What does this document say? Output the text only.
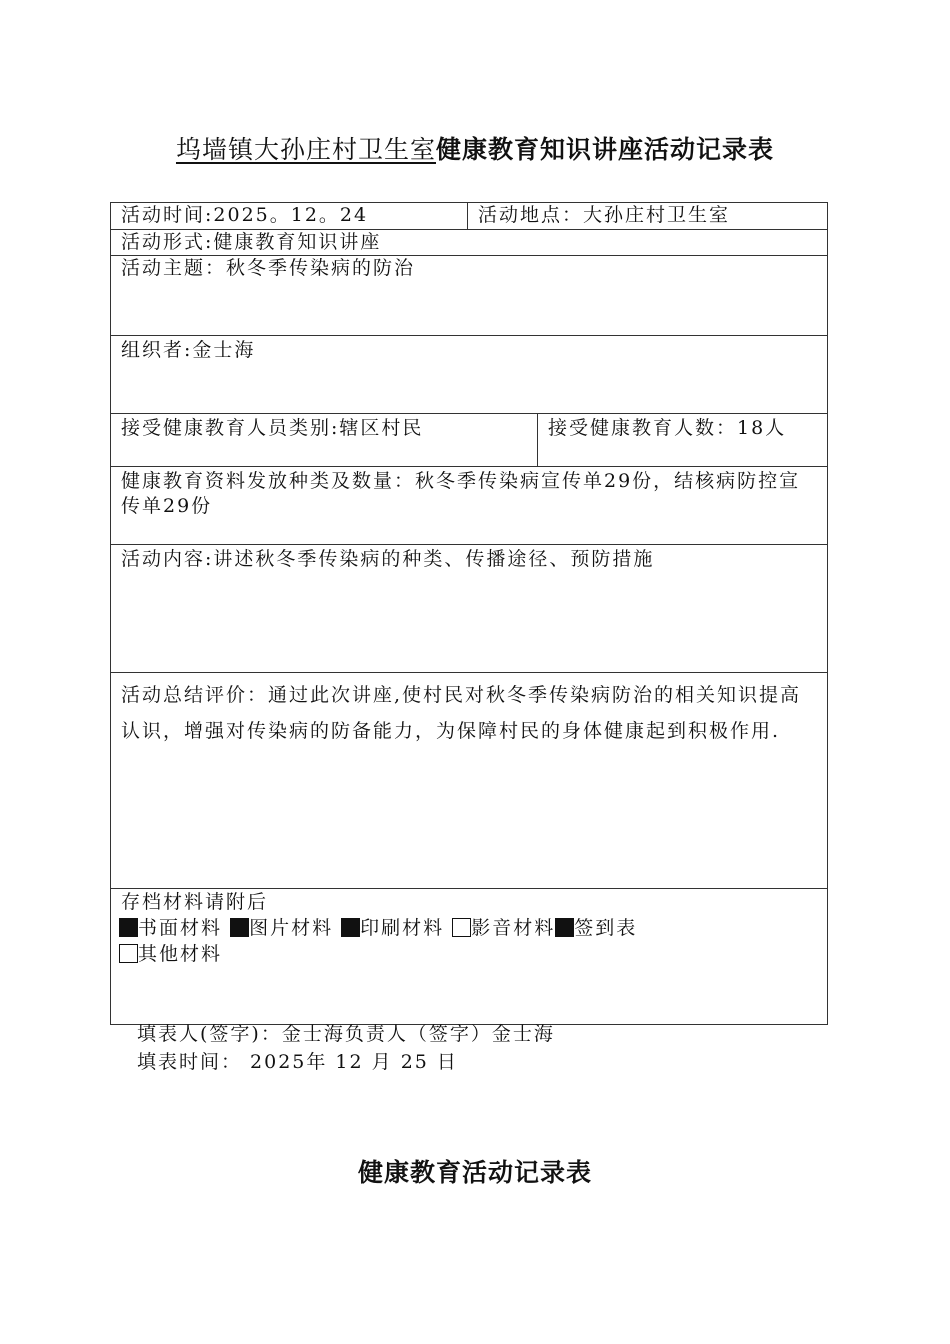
坞墙镇大孙庄村卫生室健康教育知识讲座活动记录表
活动时间:2025。12。24	活动地点：大孙庄村卫生室
活动形式:健康教育知识讲座
活动主题：秋冬季传染病的防治
组织者:金士海
接受健康教育人员类别:辖区村民	接受健康教育人数：18人
健康教育资料发放种类及数量：秋冬季传染病宣传单29份，结核病防控宣传单29份
活动内容:讲述秋冬季传染病的种类、传播途径、预防措施
活动总结评价：通过此次讲座,使村民对秋冬季传染病防治的相关知识提高认识，增强对传染病的防备能力，为保障村民的身体健康起到积极作用.
存档材料请附后
书面材料 图片材料 印刷材料 影音材料 签到表
其他材料
填表人(签字)：金士海负责人（签字）金士海
填表时间： 2025年 12 月 25 日
健康教育活动记录表
